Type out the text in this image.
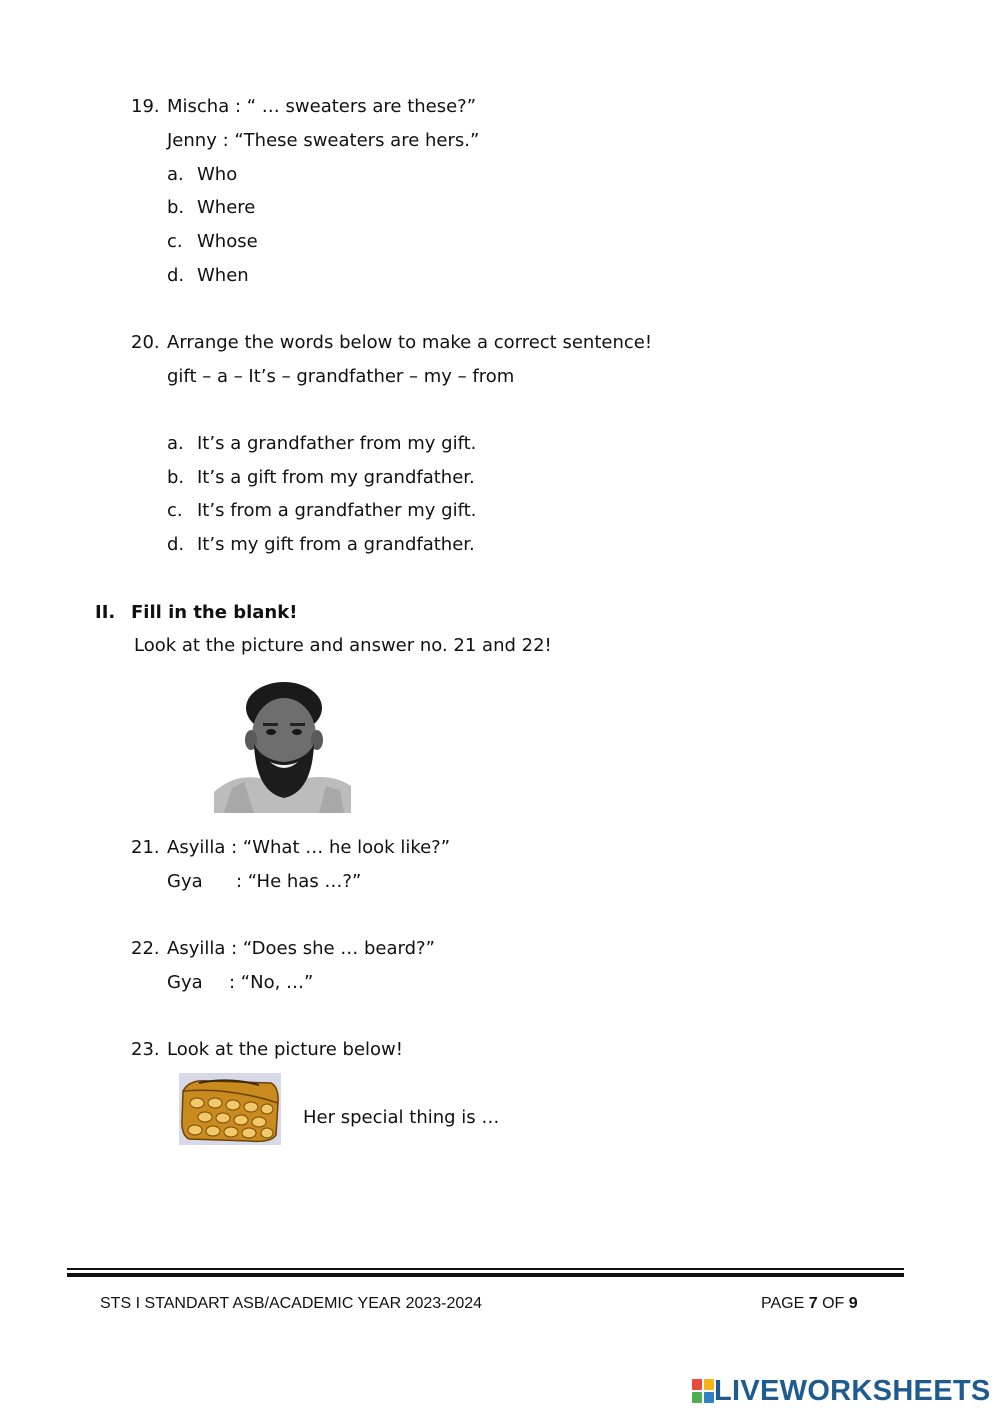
19. Mischa : “ … sweaters are these?”
Jenny : “These sweaters are hers.”
a. Who
b. Where
c. Whose
d. When
20. Arrange the words below to make a correct sentence!
gift – a – It’s – grandfather – my – from
a. It’s a grandfather from my gift.
b. It’s a gift from my grandfather.
c. It’s from a grandfather my gift.
d. It’s my gift from a grandfather.
II. Fill in the blank!
Look at the picture and answer no. 21 and 22!
21. Asyilla : “What … he look like?”
Gya : “He has …?”
22. Asyilla : “Does she … beard?”
Gya : “No, …”
23. Look at the picture below!
Her special thing is …
STS I STANDART ASB/ACADEMIC YEAR 2023-2024	PAGE 7 OF 9
LIVEWORKSHEETS
